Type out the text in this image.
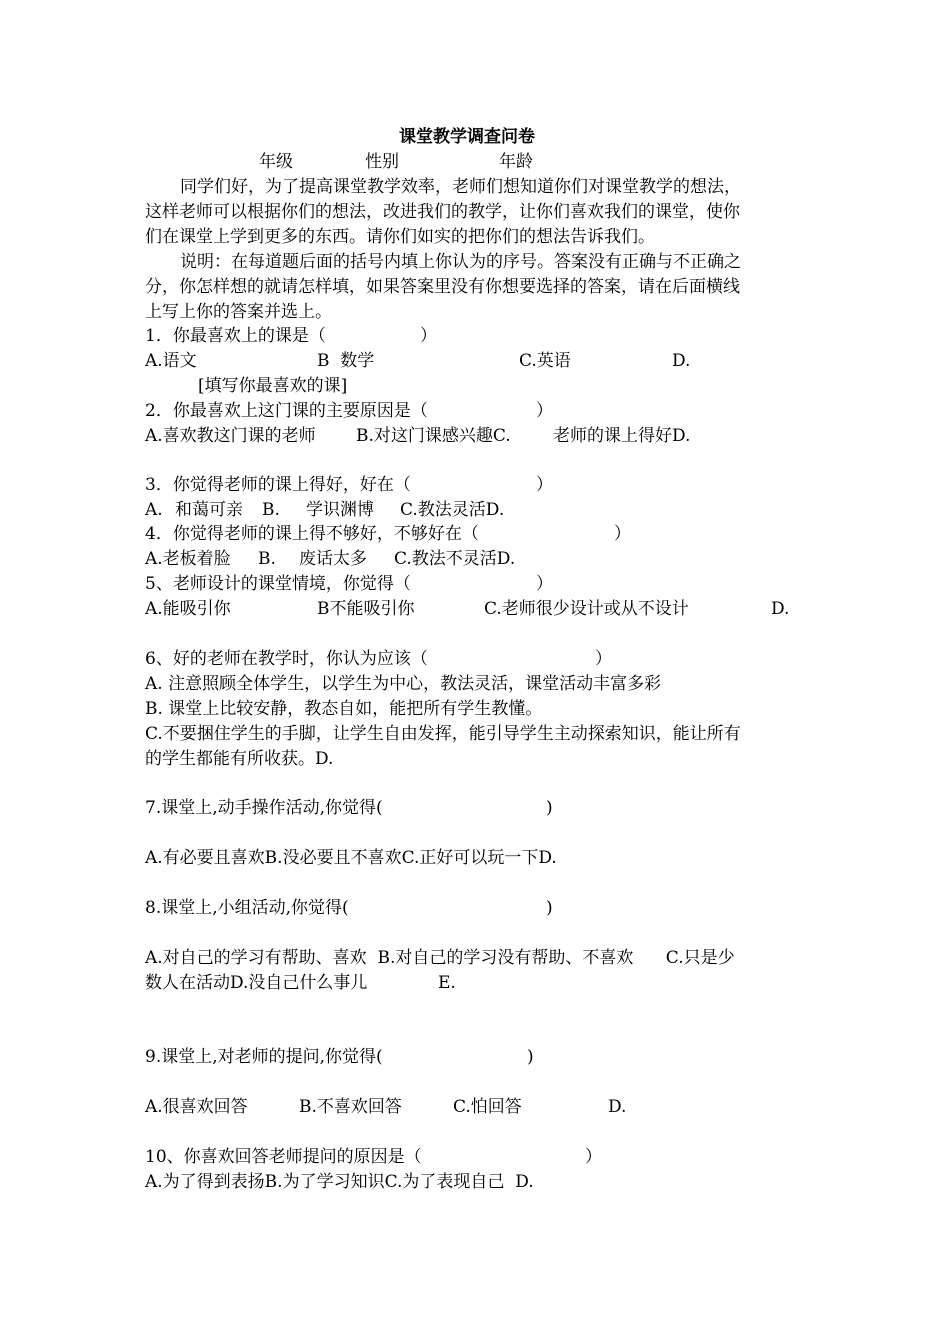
课堂教学调查问卷
年级	性别	年龄
同学们好，为了提高课堂教学效率，老师们想知道你们对课堂教学的想法，
这样老师可以根据你们的想法，改进我们的教学，让你们喜欢我们的课堂，使你
们在课堂上学到更多的东西。请你们如实的把你们的想法告诉我们。
说明：在每道题后面的括号内填上你认为的序号。答案没有正确与不正确之
分，你怎样想的就请怎样填，如果答案里没有你想要选择的答案，请在后面横线
上写上你的答案并选上。
1．你最喜欢上的课是（	）
A.语文	B  数学	C.英语	D.
[填写你最喜欢的课]
2．你最喜欢上这门课的主要原因是（	）
A.喜欢教这门课的老师 B.对这门课感兴趣C. 老师的课上得好D.
3．你觉得老师的课上得好，好在（	）
A. 和蔼可亲 B. 学识渊博 C.教法灵活D.
4．你觉得老师的课上得不够好，不够好在（	）
A.老板着脸 B. 废话太多 C.教法不灵活D.
5、老师设计的课堂情境，你觉得（	）
A.能吸引你	B不能吸引你	C.老师很少设计或从不设计	D.
6、好的老师在教学时，你认为应该（	）
A. 注意照顾全体学生，以学生为中心，教法灵活，课堂活动丰富多彩
B. 课堂上比较安静，教态自如，能把所有学生教懂。
C.不要捆住学生的手脚，让学生自由发挥，能引导学生主动探索知识，能让所有
的学生都能有所收获。D.
7.课堂上,动手操作活动,你觉得(	)
A.有必要且喜欢B.没必要且不喜欢C.正好可以玩一下D.
8.课堂上,小组活动,你觉得(	)
A.对自己的学习有帮助、喜欢  B.对自己的学习没有帮助、不喜欢      C.只是少
数人在活动D.没自己什么事儿	E.
9.课堂上,对老师的提问,你觉得(	)
A.很喜欢回答	B.不喜欢回答	C.怕回答	D.
10、你喜欢回答老师提问的原因是（	）
A.为了得到表扬B.为了学习知识C.为了表现自己  D.
